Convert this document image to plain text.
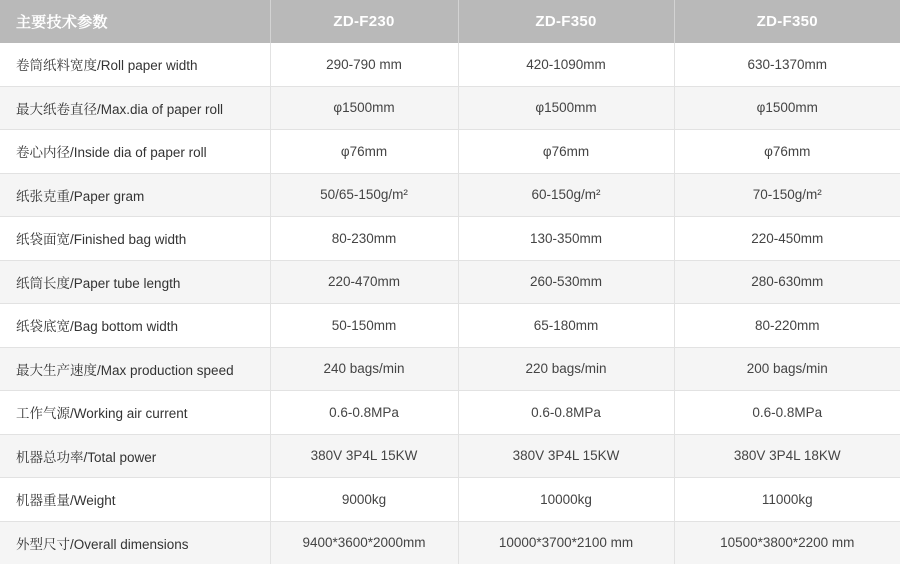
主要技术参数	ZD-F230	ZD-F350	ZD-F350
卷筒纸料宽度/Roll paper width	290-790 mm	420-1090mm	630-1370mm
最大纸卷直径/Max.dia of paper roll	φ1500mm	φ1500mm	φ1500mm
卷心内径/Inside dia of paper roll	φ76mm	φ76mm	φ76mm
纸张克重/Paper gram	50/65-150g/m²	60-150g/m²	70-150g/m²
纸袋面宽/Finished bag width	80-230mm	130-350mm	220-450mm
纸筒长度/Paper tube length	220-470mm	260-530mm	280-630mm
纸袋底宽/Bag bottom width	50-150mm	65-180mm	80-220mm
最大生产速度/Max production speed	240 bags/min	220 bags/min	200 bags/min
工作气源/Working air current	0.6-0.8MPa	0.6-0.8MPa	0.6-0.8MPa
机器总功率/Total power	380V 3P4L 15KW	380V 3P4L 15KW	380V 3P4L 18KW
机器重量/Weight	9000kg	10000kg	11000kg
外型尺寸/Overall dimensions	9400*3600*2000mm	10000*3700*2100 mm	10500*3800*2200 mm
